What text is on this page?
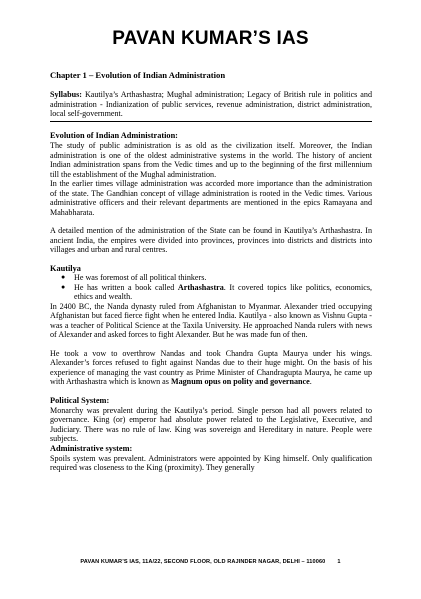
PAVAN KUMAR’S IAS

Chapter 1 – Evolution of Indian Administration

Syllabus: Kautilya’s Arthashastra; Mughal administration; Legacy of British rule in politics and administration - Indianization of public services, revenue administration, district administration, local self-government.

Evolution of Indian Administration:

The study of public administration is as old as the civilization itself. Moreover, the Indian administration is one of the oldest administrative systems in the world. The history of ancient Indian administration spans from the Vedic times and up to the beginning of the first millennium till the establishment of the Mughal administration.

In the earlier times village administration was accorded more importance than the administration of the state. The Gandhian concept of village administration is rooted in the Vedic times. Various administrative officers and their relevant departments are mentioned in the epics Ramayana and Mahabharata.

A detailed mention of the administration of the State can be found in Kautilya’s Arthashastra. In ancient India, the empires were divided into provinces, provinces into districts and districts into villages and urban and rural centres.

Kautilya

● He was foremost of all political thinkers.
● He has written a book called Arthashastra. It covered topics like politics, economics, ethics and wealth.

In 2400 BC, the Nanda dynasty ruled from Afghanistan to Myanmar. Alexander tried occupying Afghanistan but faced fierce fight when he entered India. Kautilya - also known as Vishnu Gupta - was a teacher of Political Science at the Taxila University. He approached Nanda rulers with news of Alexander and asked forces to fight Alexander. But he was made fun of then.

He took a vow to overthrow Nandas and took Chandra Gupta Maurya under his wings. Alexander’s forces refused to fight against Nandas due to their huge might. On the basis of his experience of managing the vast country as Prime Minister of Chandragupta Maurya, he came up with Arthashastra which is known as Magnum opus on polity and governance.

Political System:

Monarchy was prevalent during the Kautilya’s period. Single person had all powers related to governance. King (or) emperor had absolute power related to the Legislative, Executive, and Judiciary. There was no rule of law. King was sovereign and Hereditary in nature. People were subjects.

Administrative system:

Spoils system was prevalent. Administrators were appointed by King himself. Only qualification required was closeness to the King (proximity). They generally

PAVAN KUMAR’S IAS, 11A/22, SECOND FLOOR, OLD RAJINDER NAGAR, DELHI – 110060 1
